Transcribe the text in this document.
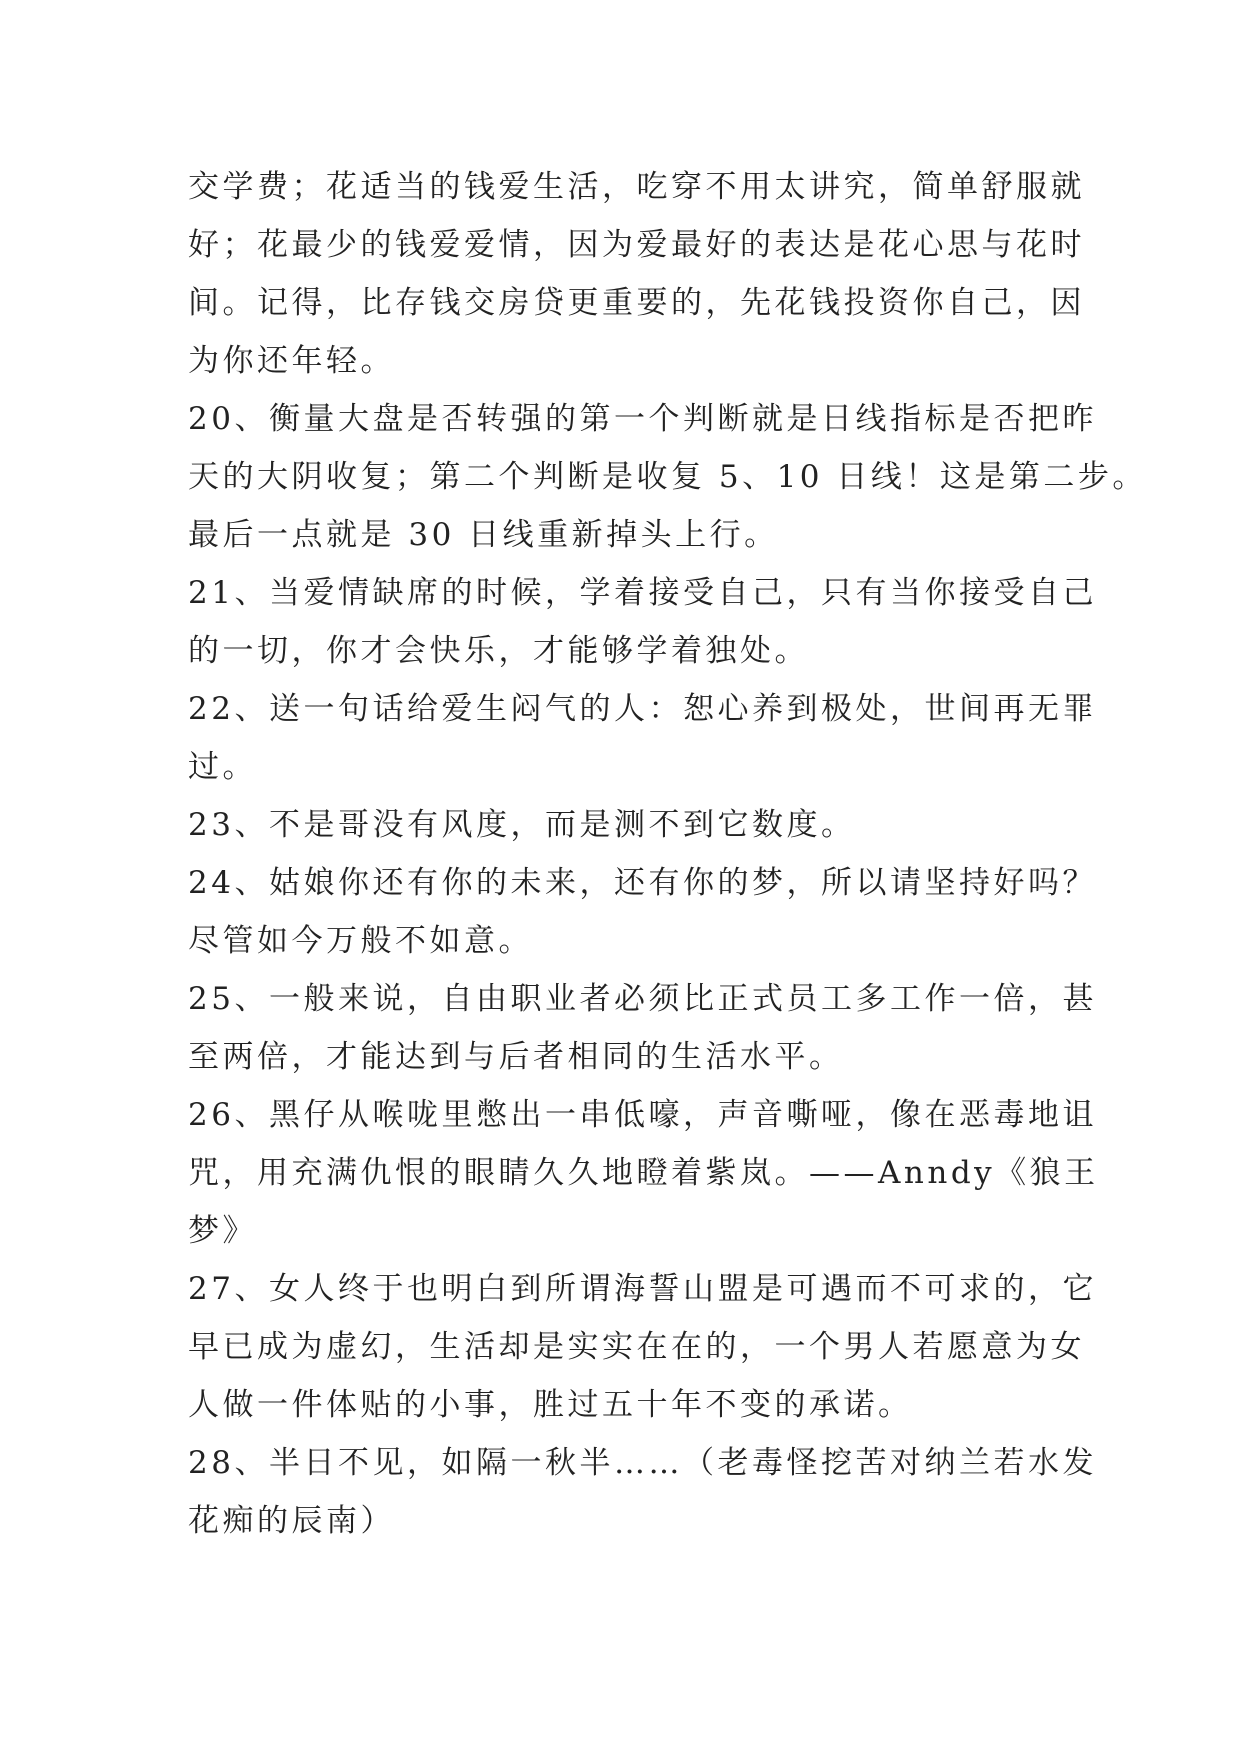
交学费；花适当的钱爱生活，吃穿不用太讲究，简单舒服就
好；花最少的钱爱爱情，因为爱最好的表达是花心思与花时
间。记得，比存钱交房贷更重要的，先花钱投资你自己，因
为你还年轻。

20、衡量大盘是否转强的第一个判断就是日线指标是否把昨
天的大阴收复；第二个判断是收复 5、10 日线！这是第二步。
最后一点就是 30 日线重新掉头上行。

21、当爱情缺席的时候，学着接受自己，只有当你接受自己
的一切，你才会快乐，才能够学着独处。

22、送一句话给爱生闷气的人：恕心养到极处，世间再无罪
过。

23、不是哥没有风度，而是测不到它数度。

24、姑娘你还有你的未来，还有你的梦，所以请坚持好吗？
尽管如今万般不如意。

25、一般来说，自由职业者必须比正式员工多工作一倍，甚
至两倍，才能达到与后者相同的生活水平。

26、黑仔从喉咙里憋出一串低嚎，声音嘶哑，像在恶毒地诅
咒，用充满仇恨的眼睛久久地瞪着紫岚。——Anndy《狼王
梦》

27、女人终于也明白到所谓海誓山盟是可遇而不可求的，它
早已成为虚幻，生活却是实实在在的，一个男人若愿意为女
人做一件体贴的小事，胜过五十年不变的承诺。

28、半日不见，如隔一秋半……（老毒怪挖苦对纳兰若水发
花痴的辰南）
